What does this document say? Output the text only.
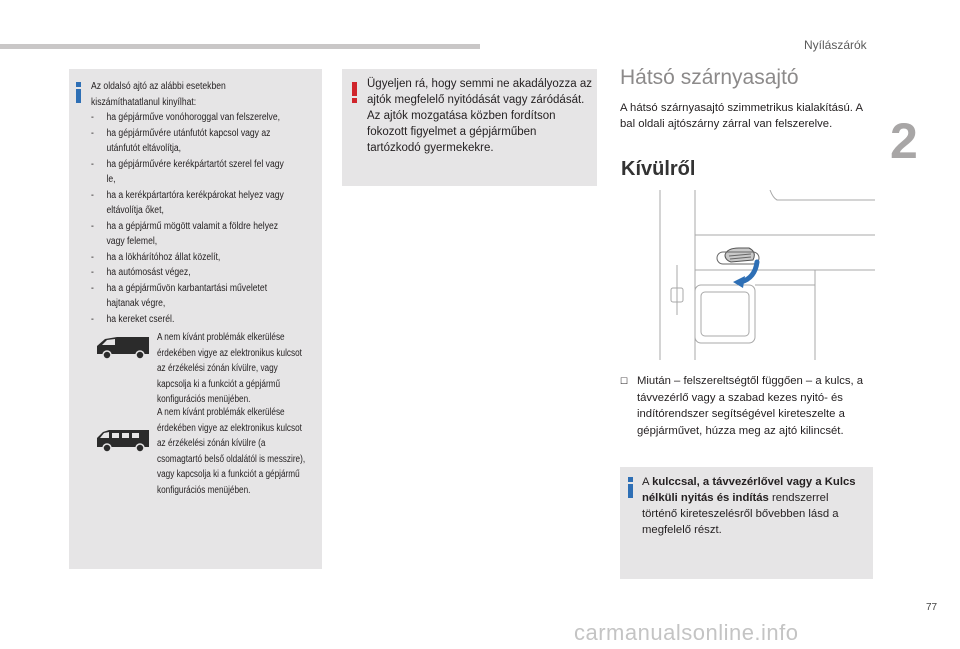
Nyílászárók
2
Az oldalsó ajtó az alábbi esetekben kiszámíthatatlanul kinyílhat:
- ha gépjárműve vonóhoroggal van felszerelve,
- ha gépjárművére utánfutót kapcsol vagy az utánfutót eltávolítja,
- ha gépjárművére kerékpártartót szerel fel vagy le,
- ha a kerékpártartóra kerékpárokat helyez vagy eltávolítja őket,
- ha a gépjármű mögött valamit a földre helyez vagy felemel,
- ha a lökhárítóhoz állat közelít,
- ha autómosást végez,
- ha a gépjárművön karbantartási műveletet hajtanak végre,
- ha kereket cserél.
A nem kívánt problémák elkerülése érdekében vigye az elektronikus kulcsot az érzékelési zónán kívülre, vagy kapcsolja ki a funkciót a gépjármű konfigurációs menüjében.
A nem kívánt problémák elkerülése érdekében vigye az elektronikus kulcsot az érzékelési zónán kívülre (a csomagtartó belső oldalától is messzire), vagy kapcsolja ki a funkciót a gépjármű konfigurációs menüjében.
Ügyeljen rá, hogy semmi ne akadályozza az ajtók megfelelő nyitódását vagy záródását. Az ajtók mozgatása közben fordítson fokozott figyelmet a gépjárműben tartózkodó gyermekekre.
Hátsó szárnyasajtó
A hátsó szárnyasajtó szimmetrikus kialakítású. A bal oldali ajtószárny zárral van felszerelve.
Kívülről
☐ Miután – felszereltségtől függően – a kulcs, a távvezérlő vagy a szabad kezes nyitó- és indítórendszer segítségével kireteszelte a gépjárművet, húzza meg az ajtó kilincsét.
A kulccsal, a távvezérlővel vagy a Kulcs nélküli nyitás és indítás rendszerrel történő kireteszelésről bővebben lásd a megfelelő részt.
77
carmanualsonline.info
